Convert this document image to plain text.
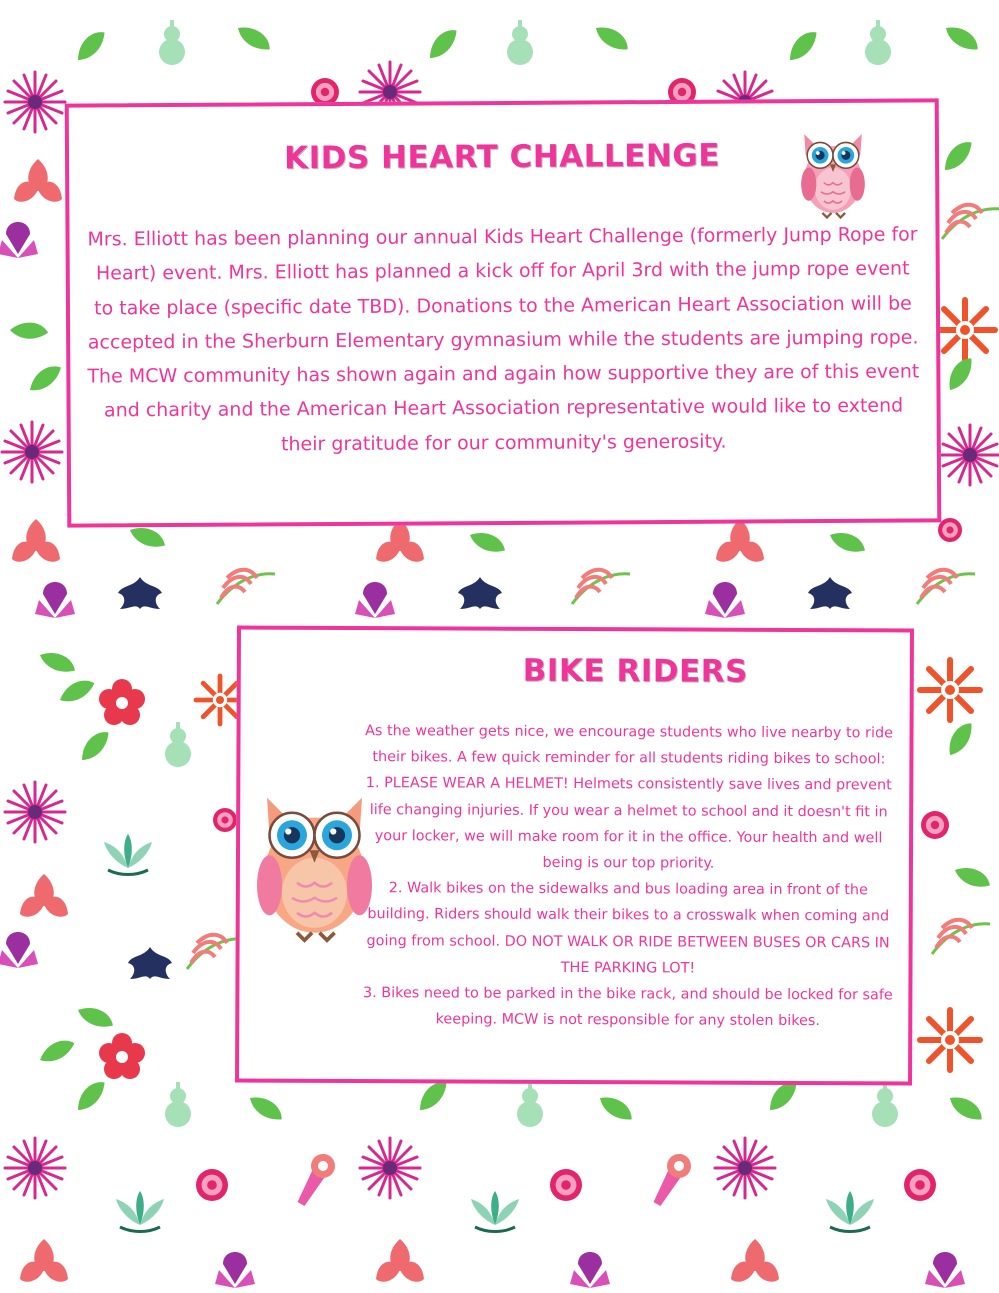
KIDS HEART CHALLENGE
Mrs. Elliott has been planning our annual Kids Heart Challenge (formerly Jump Rope for Heart) event. Mrs. Elliott has planned a kick off for April 3rd with the jump rope event to take place (specific date TBD). Donations to the American Heart Association will be accepted in the Sherburn Elementary gymnasium while the students are jumping rope. The MCW community has shown again and again how supportive they are of this event and charity and the American Heart Association representative would like to extend their gratitude for our community's generosity.
BIKE RIDERS

As the weather gets nice, we encourage students who live nearby to ride their bikes. A few quick reminder for all students riding bikes to school:

1. PLEASE WEAR A HELMET! Helmets consistently save lives and prevent life changing injuries. If you wear a helmet to school and it doesn't fit in your locker, we will make room for it in the office. Your health and well being is our top priority.

2. Walk bikes on the sidewalks and bus loading area in front of the building. Riders should walk their bikes to a crosswalk when coming and going from school. DO NOT WALK OR RIDE BETWEEN BUSES OR CARS IN THE PARKING LOT!

3. Bikes need to be parked in the bike rack, and should be locked for safe keeping. MCW is not responsible for any stolen bikes.
